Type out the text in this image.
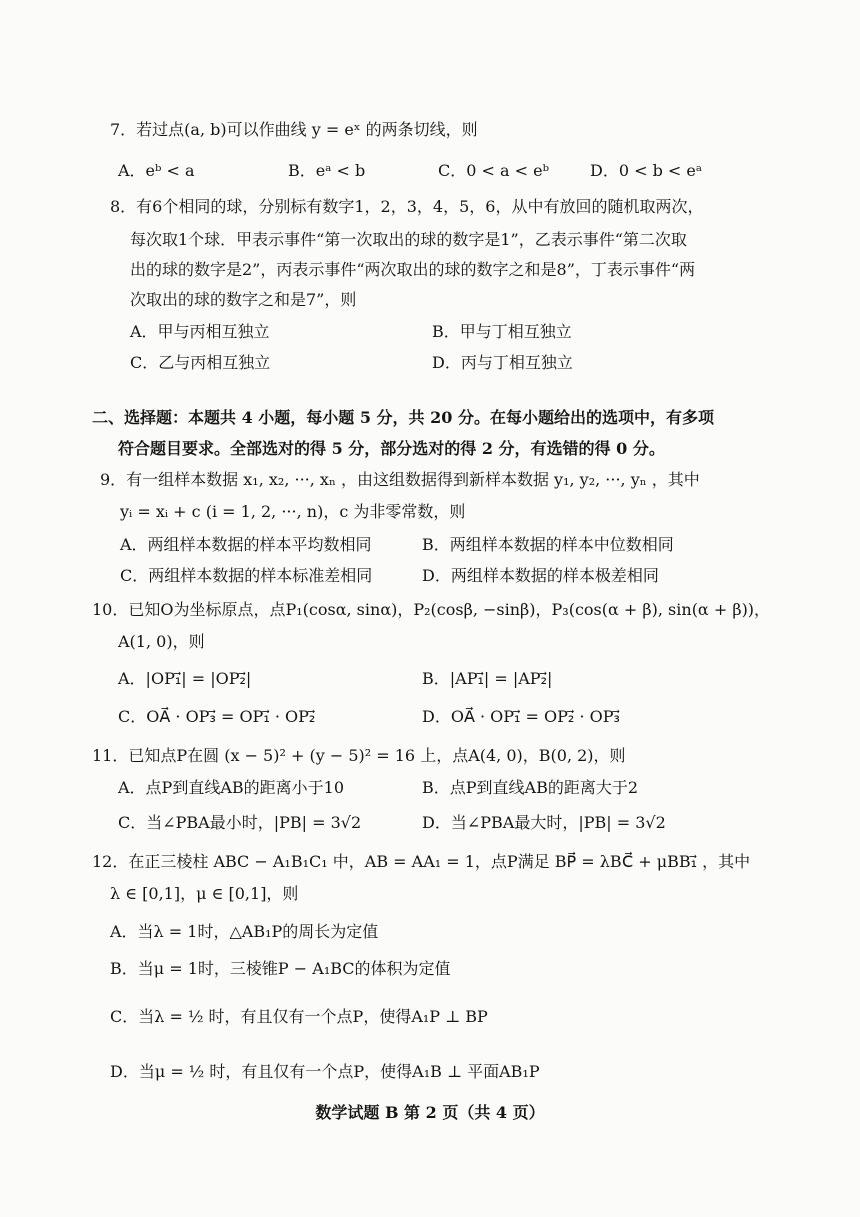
7．若过点(a, b)可以作曲线 y = eˣ 的两条切线，则
A．eᵇ < a	B．eᵃ < b	C．0 < a < eᵇ	D．0 < b < eᵃ
8．有6个相同的球，分别标有数字1，2，3，4，5，6，从中有放回的随机取两次，
每次取1个球．甲表示事件“第一次取出的球的数字是1”，乙表示事件“第二次取
出的球的数字是2”，丙表示事件“两次取出的球的数字之和是8”，丁表示事件“两
次取出的球的数字之和是7”，则
A．甲与丙相互独立	B．甲与丁相互独立
C．乙与丙相互独立	D．丙与丁相互独立
二、选择题：本题共 4 小题，每小题 5 分，共 20 分。在每小题给出的选项中，有多项
符合题目要求。全部选对的得 5 分，部分选对的得 2 分，有选错的得 0 分。
9．有一组样本数据 x₁, x₂, ···, xₙ ，由这组数据得到新样本数据 y₁, y₂, ···, yₙ ，其中
yᵢ = xᵢ + c (i = 1, 2, ···, n)，c 为非零常数，则
A．两组样本数据的样本平均数相同	B．两组样本数据的样本中位数相同
C．两组样本数据的样本标准差相同	D．两组样本数据的样本极差相同
10．已知O为坐标原点，点P₁(cosα, sinα)，P₂(cosβ, −sinβ)，P₃(cos(α + β), sin(α + β))，
A(1, 0)，则
A．|OP₁⃗| = |OP₂⃗|	B．|AP₁⃗| = |AP₂⃗|
C．OA⃗ · OP₃⃗ = OP₁⃗ · OP₂⃗	D．OA⃗ · OP₁⃗ = OP₂⃗ · OP₃⃗
11．已知点P在圆 (x − 5)² + (y − 5)² = 16 上，点A(4, 0)，B(0, 2)，则
A．点P到直线AB的距离小于10	B．点P到直线AB的距离大于2
C．当∠PBA最小时，|PB| = 3√2	D．当∠PBA最大时，|PB| = 3√2
12．在正三棱柱 ABC − A₁B₁C₁ 中，AB = AA₁ = 1，点P满足 BP⃗ = λBC⃗ + μBB₁⃗ ，其中
λ ∈ [0,1]，μ ∈ [0,1]，则
A．当λ = 1时，△AB₁P的周长为定值
B．当μ = 1时，三棱锥P − A₁BC的体积为定值
C．当λ = ½ 时，有且仅有一个点P，使得A₁P ⊥ BP
D．当μ = ½ 时，有且仅有一个点P，使得A₁B ⊥ 平面AB₁P
数学试题 B 第 2 页（共 4 页）
